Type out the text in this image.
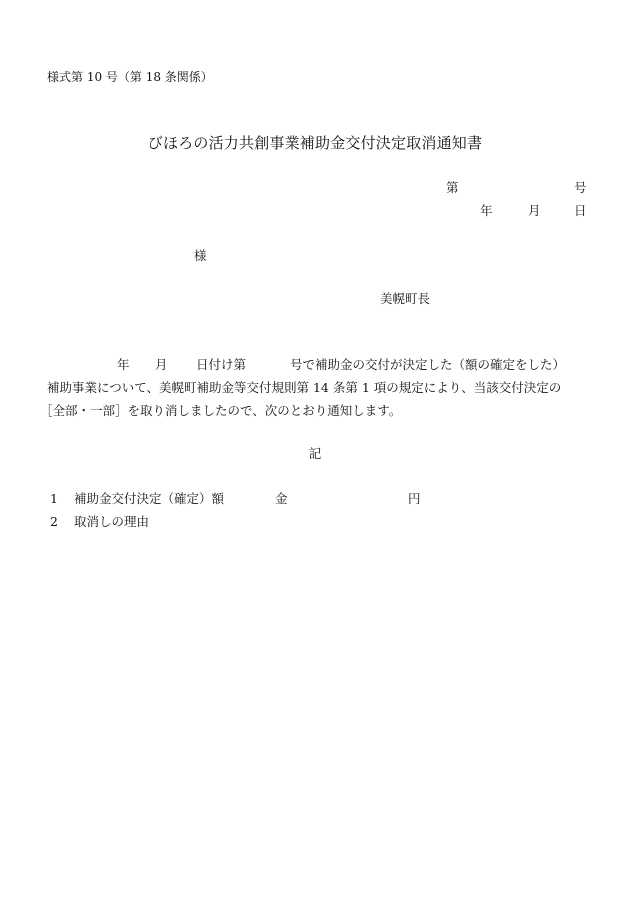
様式第 10 号（第 18 条関係）
びほろの活力共創事業補助金交付決定取消通知書
第	号
年	月	日
様
美幌町長
年 月 日付け第	号で補助金の交付が決定した（額の確定をした）
補助事業について、美幌町補助金等交付規則第 14 条第 1 項の規定により、当該交付決定の
［全部・一部］を取り消しましたので、次のとおり通知します。
記
1 補助金交付決定（確定）額	金	円
2 取消しの理由
